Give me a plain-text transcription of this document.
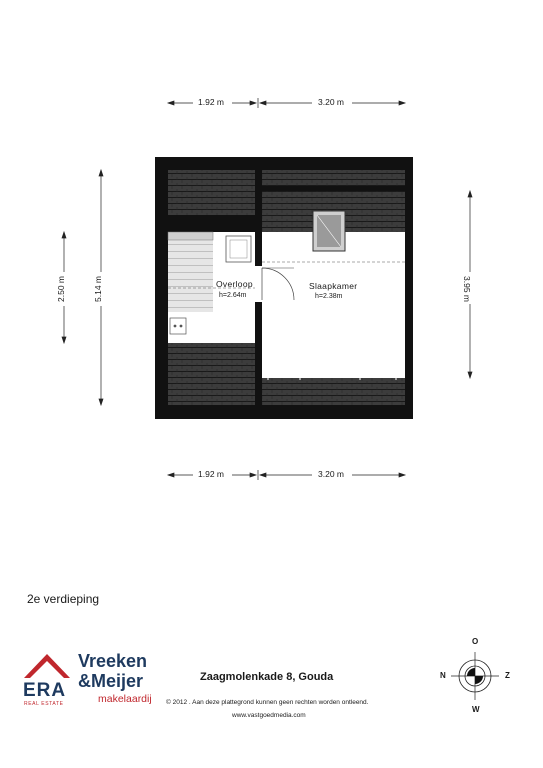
1.92 m	3.20 m
1.92 m	3.20 m
2.50 m	5.14 m	3.95 m
Overloop
h=2.64m
Slaapkamer
h=2.38m
2e verdieping
ERA
REAL ESTATE
Vreeken
&Meijer
makelaardij
Zaagmolenkade 8, Gouda
© 2012 . Aan deze plattegrond kunnen geen rechten worden ontleend.
www.vastgoedmedia.com
O
W
Z
N
